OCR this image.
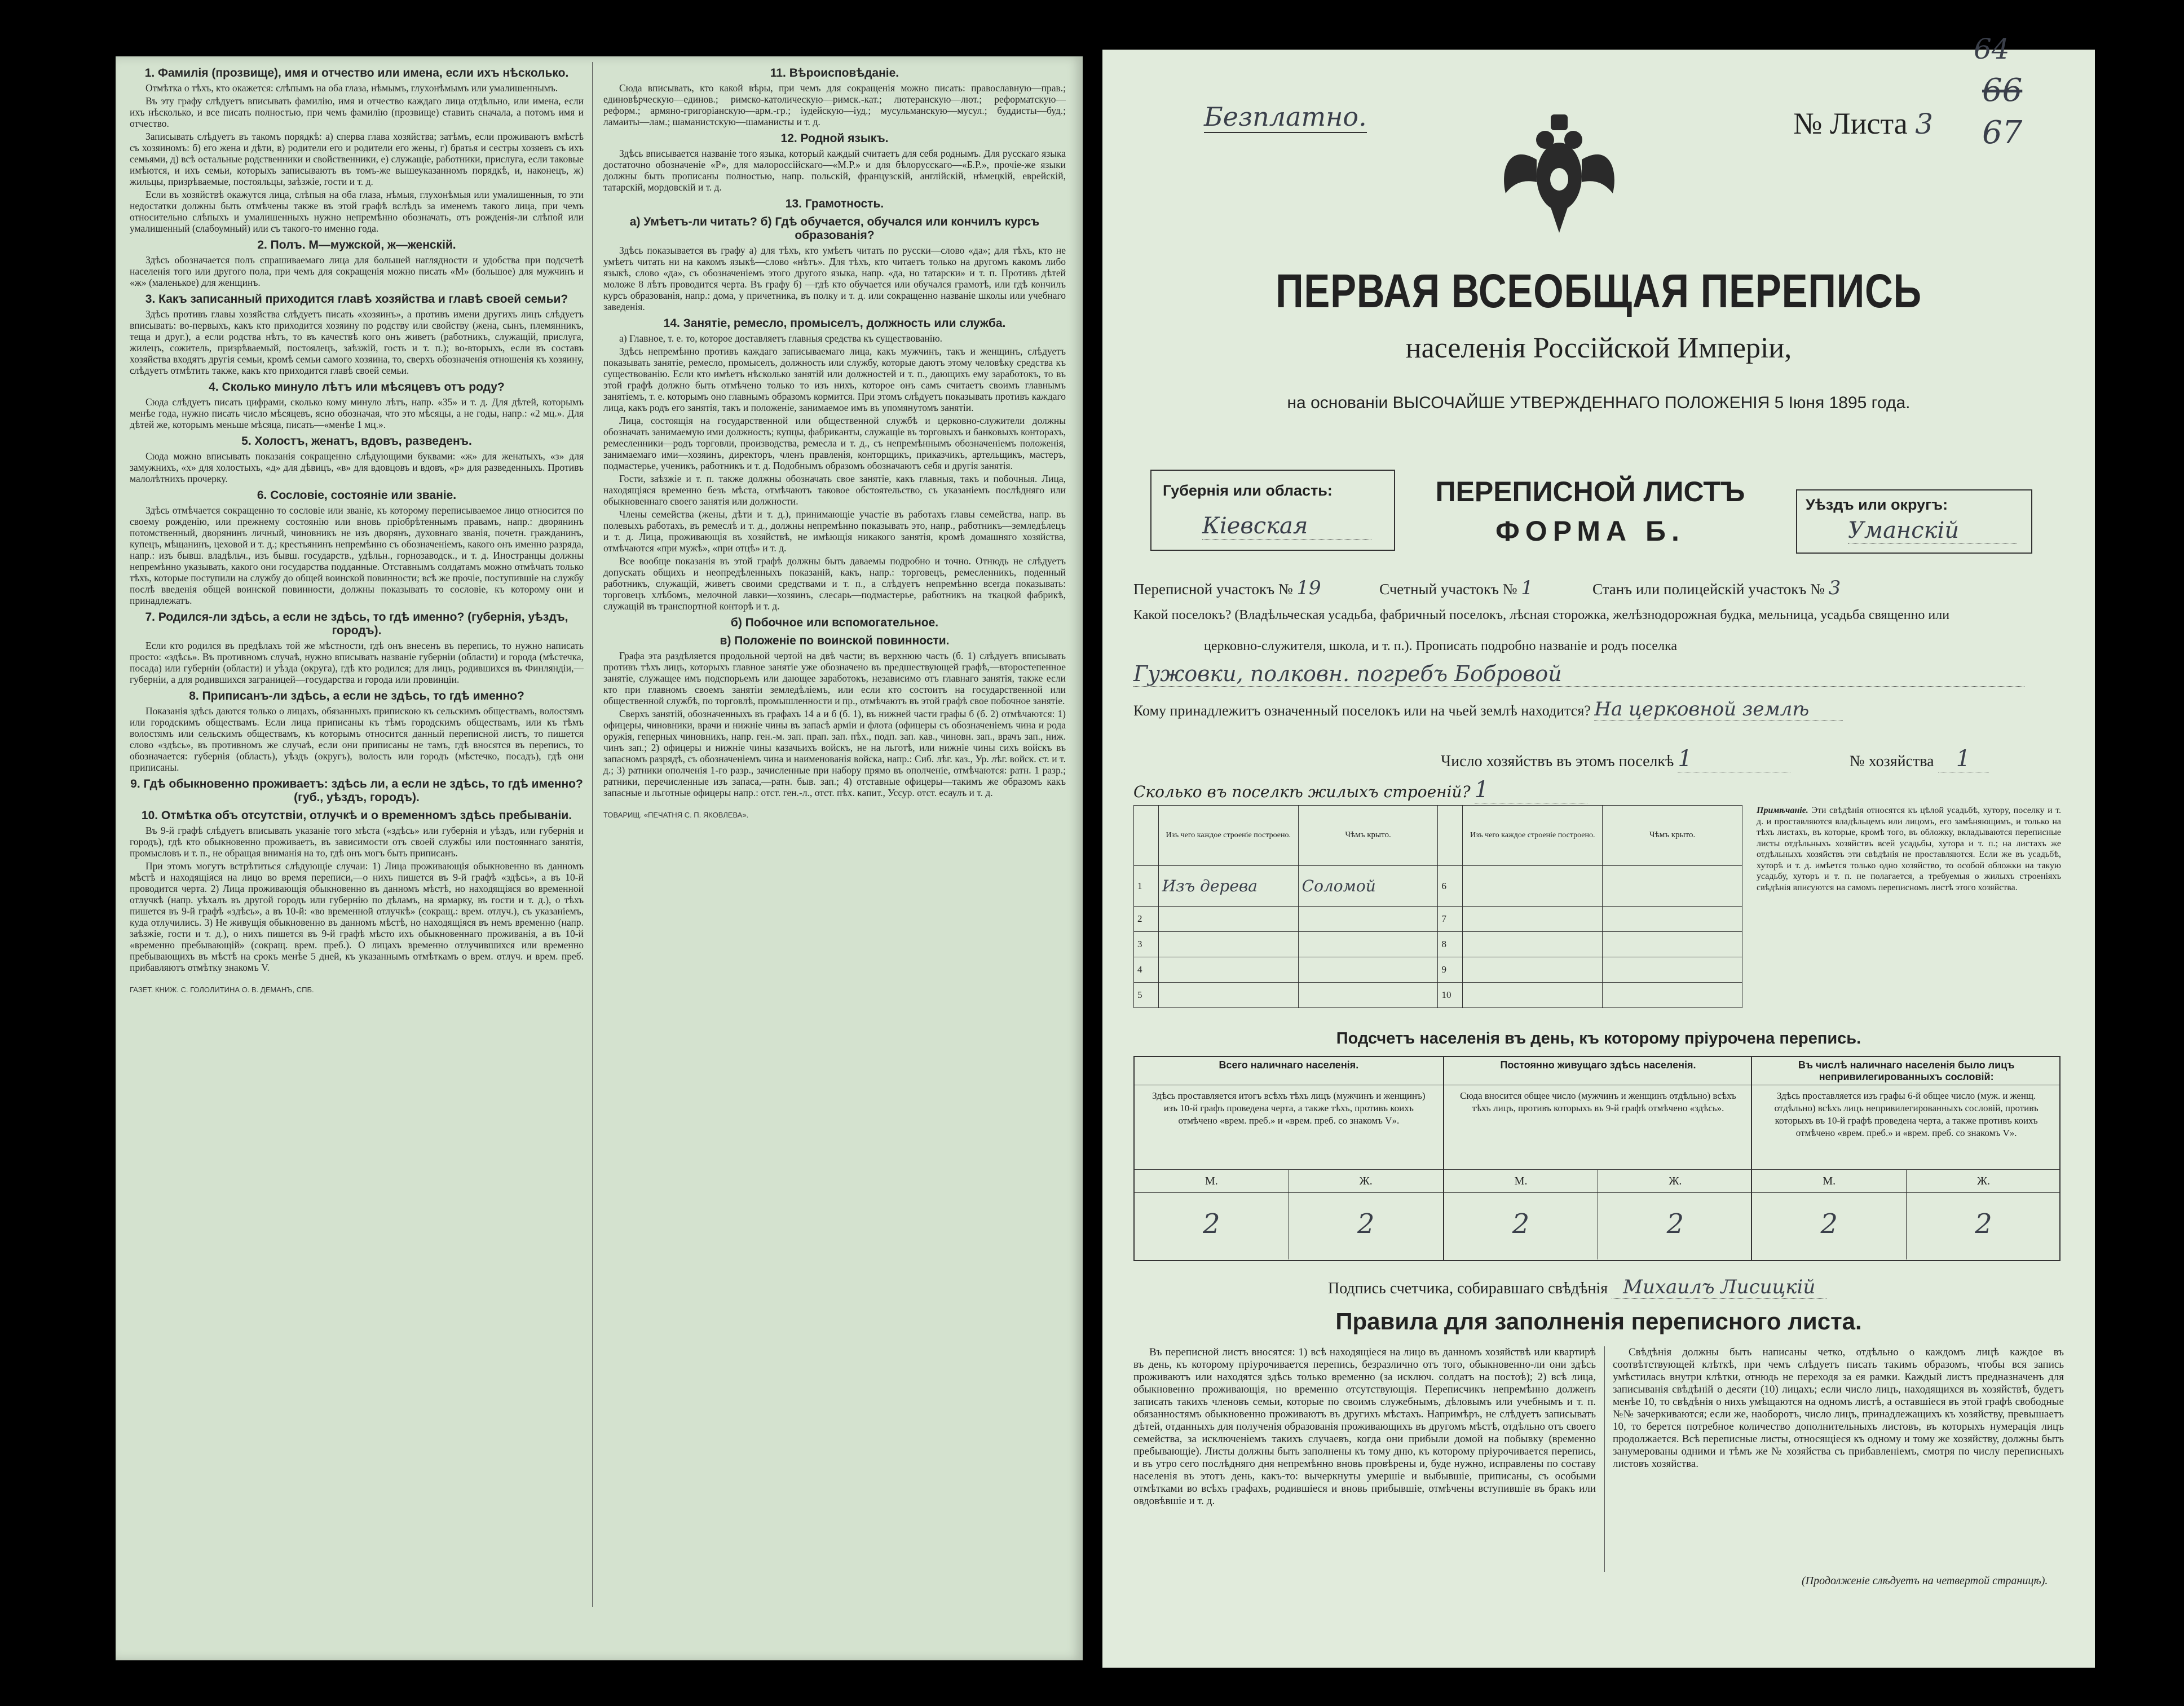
1. Фамилія (прозвище), имя и отчество или имена, если ихъ нѣсколько.

Отмѣтка о тѣхъ, кто окажется: слѣпымъ на оба глаза, нѣмымъ, глухонѣмымъ или умалишеннымъ.

Въ эту графу слѣдуетъ вписывать фамилію, имя и отчество каждаго лица отдѣльно, или имена, если ихъ нѣсколько, и все писать полностью, при чемъ фамилію (прозвище) ставить сначала, а потомъ имя и отчество.

Записывать слѣдуетъ въ такомъ порядкѣ: а) сперва глава хозяйства; затѣмъ, если проживаютъ вмѣстѣ съ хозяиномъ: б) его жена и дѣти, в) родители его и родители его жены, г) братья и сестры хозяевъ съ ихъ семьями, д) всѣ остальные родственники и свойственники, е) служащіе, работники, прислуга, если таковые имѣются, и ихъ семьи, которыхъ записываютъ въ томъ-же вышеуказанномъ порядкѣ, и, наконецъ, ж) жильцы, призрѣваемые, постояльцы, заѣзжіе, гости и т. д.

Если въ хозяйствѣ окажутся лица, слѣпыя на оба глаза, нѣмыя, глухонѣмыя или умалишенныя, то эти недостатки должны быть отмѣчены также въ этой графѣ вслѣдъ за именемъ такого лица, при чемъ относительно слѣпыхъ и умалишенныхъ нужно непремѣнно обозначать, отъ рожденія-ли слѣпой или умалишенный (слабоумный) или съ такого-то именно года.

2. Полъ. М—мужской, ж—женскій.

Здѣсь обозначается полъ спрашиваемаго лица для большей наглядности и удобства при подсчетѣ населенія того или другого пола, при чемъ для сокращенія можно писать «М» (большое) для мужчинъ и «ж» (маленькое) для женщинъ.

3. Какъ записанный приходится главѣ хозяйства и главѣ своей семьи?

Здѣсь противъ главы хозяйства слѣдуетъ писать «хозяинъ», а противъ имени другихъ лицъ слѣдуетъ вписывать: во-первыхъ, какъ кто приходится хозяину по родству или свойству (жена, сынъ, племянникъ, теща и друг.), а если родства нѣтъ, то въ качествѣ кого онъ живетъ (работникъ, служащій, прислуга, жилецъ, сожитель, призрѣваемый, постоялецъ, заѣзжій, гость и т. п.); во-вторыхъ, если въ составъ хозяйства входятъ другія семьи, кромѣ семьи самого хозяина, то, сверхъ обозначенія отношенія къ хозяину, слѣдуетъ отмѣтить также, какъ кто приходится главѣ своей семьи.

4. Сколько минуло лѣтъ или мѣсяцевъ отъ роду?

Сюда слѣдуетъ писать цифрами, сколько кому минуло лѣтъ, напр. «35» и т. д. Для дѣтей, которымъ менѣе года, нужно писать число мѣсяцевъ, ясно обозначая, что это мѣсяцы, а не годы, напр.: «2 мц.». Для дѣтей же, которымъ меньше мѣсяца, писать—«менѣе 1 мц.».

5. Холостъ, женатъ, вдовъ, разведенъ.

Сюда можно вписывать показанія сокращенно слѣдующими буквами: «ж» для женатыхъ, «з» для замужнихъ, «х» для холостыхъ, «д» для дѣвицъ, «в» для вдовцовъ и вдовъ, «р» для разведенныхъ. Противъ малолѣтнихъ прочерку.

6. Сословіе, состояніе или званіе.

Здѣсь отмѣчается сокращенно то сословіе или званіе, къ которому переписываемое лицо относится по своему рожденію, или прежнему состоянію или вновь пріобрѣтеннымъ правамъ, напр.: дворянинъ потомственный, дворянинъ личный, чиновникъ не изъ дворянъ, духовнаго званія, почетн. гражданинъ, купецъ, мѣщанинъ, цеховой и т. д.; крестьянинъ непремѣнно съ обозначеніемъ, какого онъ именно разряда, напр.: изъ бывш. владѣльч., изъ бывш. государств., удѣльн., горнозаводск., и т. д. Иностранцы должны непремѣнно указывать, какого они государства подданные. Отставнымъ солдатамъ можно отмѣчать только тѣхъ, которые поступили на службу до общей воинской повинности; всѣ же прочіе, поступившіе на службу послѣ введенія общей воинской повинности, должны показывать то сословіе, къ которому они и принадлежатъ.

7. Родился-ли здѣсь, а если не здѣсь, то гдѣ именно? (губернія, уѣздъ, городъ).

Если кто родился въ предѣлахъ той же мѣстности, гдѣ онъ внесенъ въ перепись, то нужно написать просто: «здѣсь». Въ противномъ случаѣ, нужно вписывать названіе губерніи (области) и города (мѣстечка, посада) или губерніи (области) и уѣзда (округа), гдѣ кто родился; для лицъ, родившихся въ Финляндіи,—губерніи, а для родившихся заграницей—государства и города или провинціи.

8. Приписанъ-ли здѣсь, а если не здѣсь, то гдѣ именно?

Показанія здѣсь даются только о лицахъ, обязанныхъ припискою къ сельскимъ обществамъ, волостямъ или городскимъ обществамъ. Если лица приписаны къ тѣмъ городскимъ обществамъ, или къ тѣмъ волостямъ или сельскимъ обществамъ, къ которымъ относится данный переписной листъ, то пишется слово «здѣсь», въ противномъ же случаѣ, если они приписаны не тамъ, гдѣ вносятся въ перепись, то обозначается: губернія (область), уѣздъ (округъ), волость или городъ (мѣстечко, посадъ), гдѣ они приписаны.

9. Гдѣ обыкновенно проживаетъ: здѣсь ли, а если не здѣсь, то гдѣ именно? (губ., уѣздъ, городъ).
10. Отмѣтка объ отсутствіи, отлучкѣ и о временномъ здѣсь пребываніи.

Въ 9-й графѣ слѣдуетъ вписывать указаніе того мѣста («здѣсь» или губернія и уѣздъ, или губернія и городъ), гдѣ кто обыкновенно проживаетъ, въ зависимости отъ своей службы или постояннаго занятія, промысловъ и т. п., не обращая вниманія на то, гдѣ онъ могъ быть приписанъ.

При этомъ могутъ встрѣтиться слѣдующіе случаи: 1) Лица проживающія обыкновенно въ данномъ мѣстѣ и находящіяся на лицо во время переписи,—о нихъ пишется въ 9-й графѣ «здѣсь», а въ 10-й проводится черта. 2) Лица проживающія обыкновенно въ данномъ мѣстѣ, но находящіяся во временной отлучкѣ (напр. уѣхалъ въ другой городъ или губернію по дѣламъ, на ярмарку, въ гости и т. д.), о тѣхъ пишется въ 9-й графѣ «здѣсь», а въ 10-й: «во временной отлучкѣ» (сокращ.: врем. отлуч.), съ указаніемъ, куда отлучились. 3) Не живущія обыкновенно въ данномъ мѣстѣ, но находящіяся въ немъ временно (напр. заѣзжіе, гости и т. д.), о нихъ пишется въ 9-й графѣ мѣсто ихъ обыкновеннаго проживанія, а въ 10-й «временно пребывающій» (сокращ. врем. преб.). О лицахъ временно отлучившихся или временно пребывающихъ въ мѣстѣ на срокъ менѣе 5 дней, къ указаннымъ отмѣткамъ о врем. отлуч. и врем. преб. прибавляютъ отмѣтку знакомъ V.

ГАЗЕТ. КНИЖ. С. ГОЛОЛИТИНА О. В. ДЕМАНЪ, СПБ.
11. Вѣроисповѣданіе.

Сюда вписывать, кто какой вѣры, при чемъ для сокращенія можно писать: православную—прав.; единовѣрческую—единов.; римско-католическую—римск.-кат.; лютеранскую—лют.; реформатскую—реформ.; армяно-григоріанскую—арм.-гр.; іудейскую—іуд.; мусульманскую—мусул.; буддисты—буд.; ламаиты—лам.; шаманистскую—шаманисты и т. д.

12. Родной языкъ.

Здѣсь вписывается названіе того языка, который каждый считаетъ для себя роднымъ. Для русскаго языка достаточно обозначеніе «Р», для малороссійскаго—«М.Р.» и для бѣлорусскаго—«Б.Р.», прочіе-же языки должны быть прописаны полностью, напр. польскій, французскій, англійскій, нѣмецкій, еврейскій, татарскій, мордовскій и т. д.

13. Грамотность.
а) Умѣетъ-ли читать? б) Гдѣ обучается, обучался или кончилъ курсъ образованія?

Здѣсь показывается въ графу а) для тѣхъ, кто умѣетъ читать по русски—слово «да»; для тѣхъ, кто не умѣетъ читать ни на какомъ языкѣ—слово «нѣтъ». Для тѣхъ, кто читаетъ только на другомъ какомъ либо языкѣ, слово «да», съ обозначеніемъ этого другого языка, напр. «да, но татарски» и т. п. Противъ дѣтей моложе 8 лѣтъ проводится черта. Въ графу б) —гдѣ кто обучается или обучался грамотѣ, или гдѣ кончилъ курсъ образованія, напр.: дома, у причетника, въ полку и т. д. или сокращенно названіе школы или учебнаго заведенія.

14. Занятіе, ремесло, промыселъ, должность или служба.

а) Главное, т. е. то, которое доставляетъ главныя средства къ существованію.

Здѣсь непремѣнно противъ каждаго записываемаго лица, какъ мужчинъ, такъ и женщинъ, слѣдуетъ показывать занятіе, ремесло, промыселъ, должность или службу, которые даютъ этому человѣку средства къ существованію. Если кто имѣетъ нѣсколько занятій или должностей и т. п., дающихъ ему заработокъ, то въ этой графѣ должно быть отмѣчено только то изъ нихъ, которое онъ самъ считаетъ своимъ главнымъ занятіемъ, т. е. которымъ оно главнымъ образомъ кормится. При этомъ слѣдуетъ показывать противъ каждаго лица, какъ родъ его занятія, такъ и положеніе, занимаемое имъ въ упомянутомъ занятіи.

Лица, состоящія на государственной или общественной службѣ и церковно-служители должны обозначать занимаемую ими должность; купцы, фабриканты, служащіе въ торговыхъ и банковыхъ конторахъ, ремесленники—родъ торговли, производства, ремесла и т. д., съ непремѣннымъ обозначеніемъ положенія, занимаемаго ими—хозяинъ, директоръ, членъ правленія, конторщикъ, приказчикъ, артельщикъ, мастеръ, подмастерье, ученикъ, работникъ и т. д. Подобнымъ образомъ обозначаютъ себя и другія занятія.

Гости, заѣзжіе и т. п. также должны обозначать свое занятіе, какъ главныя, такъ и побочныя. Лица, находящіяся временно безъ мѣста, отмѣчаютъ таковое обстоятельство, съ указаніемъ послѣдняго или обыкновеннаго своего занятія или должности.

Члены семейства (жены, дѣти и т. д.), принимающіе участіе въ работахъ главы семейства, напр. въ полевыхъ работахъ, въ ремеслѣ и т. д., должны непремѣнно показывать это, напр., работникъ—земледѣлецъ и т. д. Лица, проживающія въ хозяйствѣ, не имѣющія никакого занятія, кромѣ домашняго хозяйства, отмѣчаются «при мужѣ», «при отцѣ» и т. д.

Все вообще показанія въ этой графѣ должны быть даваемы подробно и точно. Отнюдь не слѣдуетъ допускать общихъ и неопредѣленныхъ показаній, какъ, напр.: торговецъ, ремесленникъ, поденный работникъ, служащій, живетъ своими средствами и т. п., а слѣдуетъ непремѣнно всегда показывать: торговецъ хлѣбомъ, мелочной лавки—хозяинъ, слесарь—подмастерье, работникъ на ткацкой фабрикѣ, служащій въ транспортной конторѣ и т. д.

б) Побочное или вспомогательное.
в) Положеніе по воинской повинности.

Графа эта раздѣляется продольной чертой на двѣ части; въ верхнюю часть (б. 1) слѣдуетъ вписывать противъ тѣхъ лицъ, которыхъ главное занятіе уже обозначено въ предшествующей графѣ,—второстепенное занятіе, служащее имъ подспорьемъ или дающее заработокъ, независимо отъ главнаго занятія, также если кто при главномъ своемъ занятіи земледѣліемъ, или если кто состоитъ на государственной или общественной службѣ, по торговлѣ, промышленности и пр., отмѣчаютъ въ этой графѣ свое побочное занятіе.

Сверхъ занятій, обозначенныхъ въ графахъ 14 а и б (б. 1), въ нижней части графы б (б. 2) отмѣчаются: 1) офицеры, чиновники, врачи и нижніе чины въ запасѣ арміи и флота (офицеры съ обозначеніемъ чина и рода оружія, геперных чиновникъ, напр. ген.-м. зап. прап. зап. пѣх., подп. зап. кав., чиновн. зап., врачъ зап., ниж. чинъ зап.; 2) офицеры и нижніе чины казачьихъ войскъ, не на льготѣ, или нижніе чины сихъ войскъ въ запасномъ разрядѣ, съ обозначеніемъ чина и наименованія войска, напр.: Сиб. лѣг. каз., Ур. лѣг. войск. ст. и т. д.; 3) ратники ополченія 1-го разр., зачисленные при набору прямо въ ополченіе, отмѣчаются: ратн. 1 разр.; ратники, перечисленные изъ запаса,—ратн. быв. зап.; 4) отставные офицеры—такимъ же образомъ какъ запасные и льготные офицеры напр.: отст. ген.-л., отст. пѣх. капит., Уссур. отст. есаулъ и т. д.

ТОВАРИЩ. «ПЕЧАТНЯ С. П. ЯКОВЛЕВА».
Безплатно.	№ Листа 3
64
66
67
ПЕРВАЯ ВСЕОБЩАЯ ПЕРЕПИСЬ
населенія Россійской Имперіи,
на основаніи ВЫСОЧАЙШЕ УТВЕРЖДЕННАГО ПОЛОЖЕНІЯ 5 Іюня 1895 года.
Губернія или область:
Кіевская
ПЕРЕПИСНОЙ ЛИСТЪ
ФОРМА Б.
Уѣздъ или округъ:
Уманскій
Переписной участокъ № 19	Счетный участокъ № 1	Станъ или полицейскій участокъ № 3
Какой поселокъ? (Владѣльческая усадьба, фабричный поселокъ, лѣсная сторожка, желѣзнодорожная будка, мельница, усадьба священно или
церковно-служителя, школа, и т. п.). Прописать подробно названіе и родъ поселка
Гужовки, полковн. погребъ Бобровой
Кому принадлежитъ означенный поселокъ или на чьей землѣ находится? На церковной землѣ
Число хозяйствъ въ этомъ поселкѣ 1	№ хозяйства 1
Сколько въ поселкѣ жилыхъ строеній? 1
	Изъ чего каждое строеніе построено.	Чѣмъ крыто.		Изъ чего каждое строеніе построено.	Чѣмъ крыто.
1	Изъ дерева	Соломой	6		
2			7		
3			8		
4			9		
5			10		
Примѣчаніе. Эти свѣдѣнія относятся къ цѣлой усадьбѣ, хутору, поселку и т. д. и проставляются владѣльцемъ или лицомъ, его замѣняющимъ, и только на тѣхъ листахъ, въ которые, кромѣ того, въ обложку, вкладываются переписные листы отдѣльныхъ хозяйствъ всей усадьбы, хутора и т. п.; на листахъ же отдѣльныхъ хозяйствъ эти свѣдѣнія не проставляются. Если же въ усадьбѣ, хуторѣ и т. д. имѣется только одно хозяйство, то особой обложки на такую усадьбу, хуторъ и т. п. не полагается, а требуемыя о жилыхъ строеніяхъ свѣдѣнія вписуются на самомъ переписномъ листѣ этого хозяйства.
Подсчетъ населенія въ день, къ которому пріурочена перепись.
Всего наличнаго населенія.
Здѣсь проставляется итогъ всѣхъ тѣхъ лицъ (мужчинъ и женщинъ) изъ 10-й графъ проведена черта, а также тѣхъ, противъ коихъ отмѣчено «врем. преб.» и «врем. преб. со знакомъ V».
М.	Ж.
2	2
Постоянно живущаго здѣсь населенія.
Сюда вносится общее число (мужчинъ и женщинъ отдѣльно) всѣхъ тѣхъ лицъ, противъ которыхъ въ 9-й графѣ отмѣчено «здѣсь».
М.	Ж.
2	2
Въ числѣ наличнаго населенія было лицъ непривилегированныхъ сословій:
Здѣсь проставляется изъ графы 6-й общее число (муж. и женщ. отдѣльно) всѣхъ лицъ непривилегированныхъ сословій, противъ которыхъ въ 10-й графѣ проведена черта, а также противъ коихъ отмѣчено «врем. преб.» и «врем. преб. со знакомъ V».
М.	Ж.
2	2
Подпись счетчика, собиравшаго свѣдѣнія Михаилъ Лисицкій
Правила для заполненія переписного листа.
Въ переписной листъ вносятся: 1) всѣ находящіеся на лицо въ данномъ хозяйствѣ или квартирѣ въ день, къ которому пріурочивается перепись, безразлично отъ того, обыкновенно-ли они здѣсь проживаютъ или находятся здѣсь только временно (за исключ. солдатъ на постоѣ); 2) всѣ лица, обыкновенно проживающія, но временно отсутствующія. Переписчикъ непремѣнно долженъ записать такихъ членовъ семьи, которые по своимъ служебнымъ, дѣловымъ или учебнымъ и т. п. обязанностямъ обыкновенно проживаютъ въ другихъ мѣстахъ. Напримѣръ, не слѣдуетъ записывать дѣтей, отданныхъ для полученія образованія проживающихъ въ другомъ мѣстѣ, отдѣльно отъ своего семейства, за исключеніемъ такихъ случаевъ, когда они прибыли домой на побывку (временно пребывающіе). Листы должны быть заполнены къ тому дню, къ которому пріурочивается перепись, и въ утро сего послѣдняго дня непремѣнно вновь провѣрены и, буде нужно, исправлены по составу населенія въ этотъ день, какъ-то: вычеркнуты умершіе и выбывшіе, приписаны, съ особыми отмѣтками во всѣхъ графахъ, родившіеся и вновь прибывшіе, отмѣчены вступившіе въ бракъ или овдовѣвшіе и т. д.
Свѣдѣнія должны быть написаны четко, отдѣльно о каждомъ лицѣ каждое въ соотвѣтствующей клѣткѣ, при чемъ слѣдуетъ писать такимъ образомъ, чтобы вся запись умѣстилась внутри клѣтки, отнюдь не переходя за ея рамки. Каждый листъ предназначенъ для записыванія свѣдѣній о десяти (10) лицахъ; если число лицъ, находящихся въ хозяйствѣ, будетъ менѣе 10, то свѣдѣнія о нихъ умѣщаются на одномъ листѣ, а оставшіеся въ этой графѣ свободные №№ зачеркиваются; если же, наоборотъ, число лицъ, принадлежащихъ къ хозяйству, превышаетъ 10, то берется потребное количество дополнительныхъ листовъ, въ которыхъ нумерація лицъ продолжается. Всѣ переписные листы, относящіеся къ одному и тому же хозяйству, должны быть занумерованы одними и тѣмъ же № хозяйства съ прибавленіемъ, смотря по числу переписныхъ листовъ хозяйства.
(Продолженіе слѣдуетъ на четвертой страницѣ).
